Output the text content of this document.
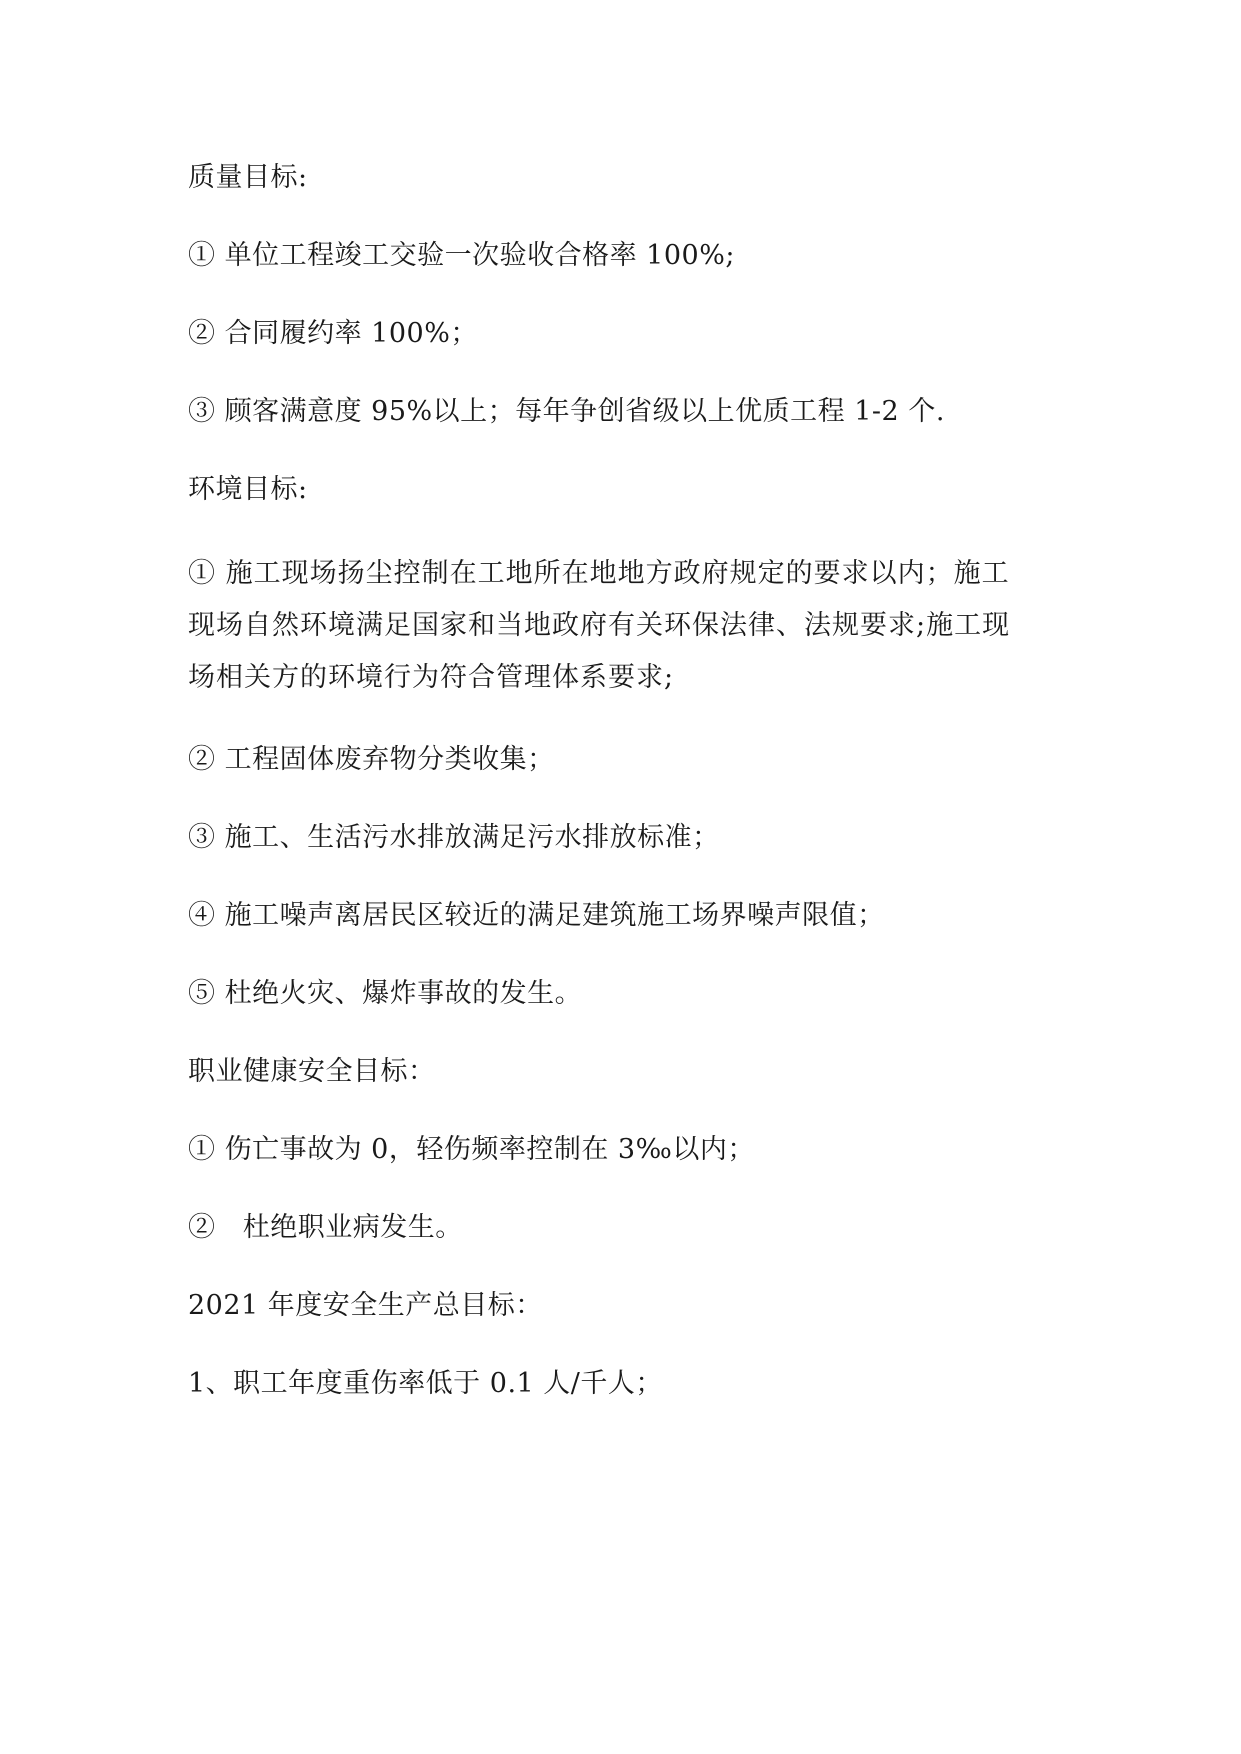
质量目标:

① 单位工程竣工交验一次验收合格率 100%;

② 合同履约率 100%；

③ 顾客满意度 95%以上；每年争创省级以上优质工程 1-2 个.

环境目标:

① 施工现场扬尘控制在工地所在地地方政府规定的要求以内；施工

现场自然环境满足国家和当地政府有关环保法律、法规要求;施工现

场相关方的环境行为符合管理体系要求;

② 工程固体废弃物分类收集；

③ 施工、生活污水排放满足污水排放标准；

④ 施工噪声离居民区较近的满足建筑施工场界噪声限值；

⑤ 杜绝火灾、爆炸事故的发生。

职业健康安全目标：

① 伤亡事故为 0，轻伤频率控制在 3‰以内；

②   杜绝职业病发生。

2021 年度安全生产总目标：

1、职工年度重伤率低于 0.1 人/千人；
